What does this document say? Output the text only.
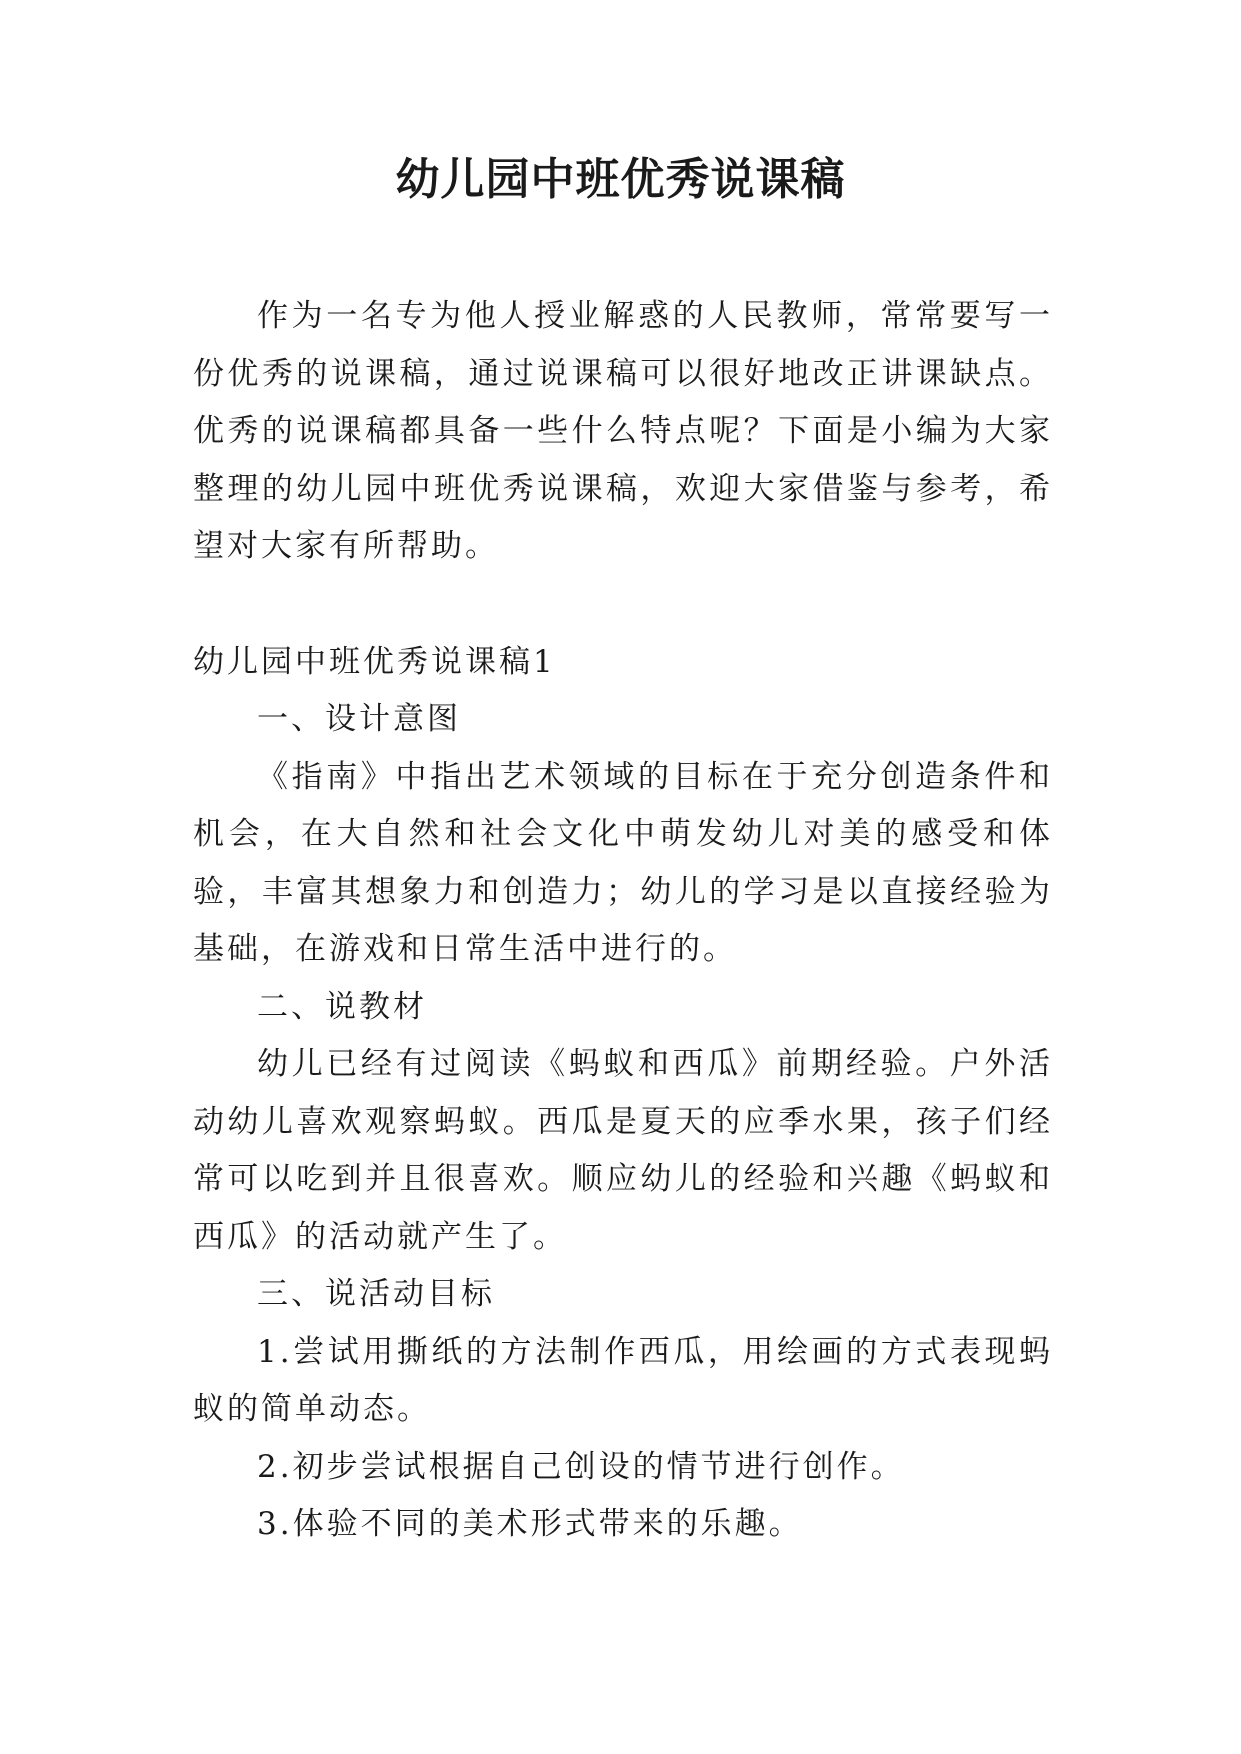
幼儿园中班优秀说课稿

作为一名专为他人授业解惑的人民教师，常常要写一份优秀的说课稿，通过说课稿可以很好地改正讲课缺点。优秀的说课稿都具备一些什么特点呢？下面是小编为大家整理的幼儿园中班优秀说课稿，欢迎大家借鉴与参考，希望对大家有所帮助。

幼儿园中班优秀说课稿1

一、设计意图

《指南》中指出艺术领域的目标在于充分创造条件和机会，在大自然和社会文化中萌发幼儿对美的感受和体验，丰富其想象力和创造力；幼儿的学习是以直接经验为基础，在游戏和日常生活中进行的。

二、说教材

幼儿已经有过阅读《蚂蚁和西瓜》前期经验。户外活动幼儿喜欢观察蚂蚁。西瓜是夏天的应季水果，孩子们经常可以吃到并且很喜欢。顺应幼儿的经验和兴趣《蚂蚁和西瓜》的活动就产生了。

三、说活动目标

1.尝试用撕纸的方法制作西瓜，用绘画的方式表现蚂蚁的简单动态。

2.初步尝试根据自己创设的情节进行创作。

3.体验不同的美术形式带来的乐趣。
